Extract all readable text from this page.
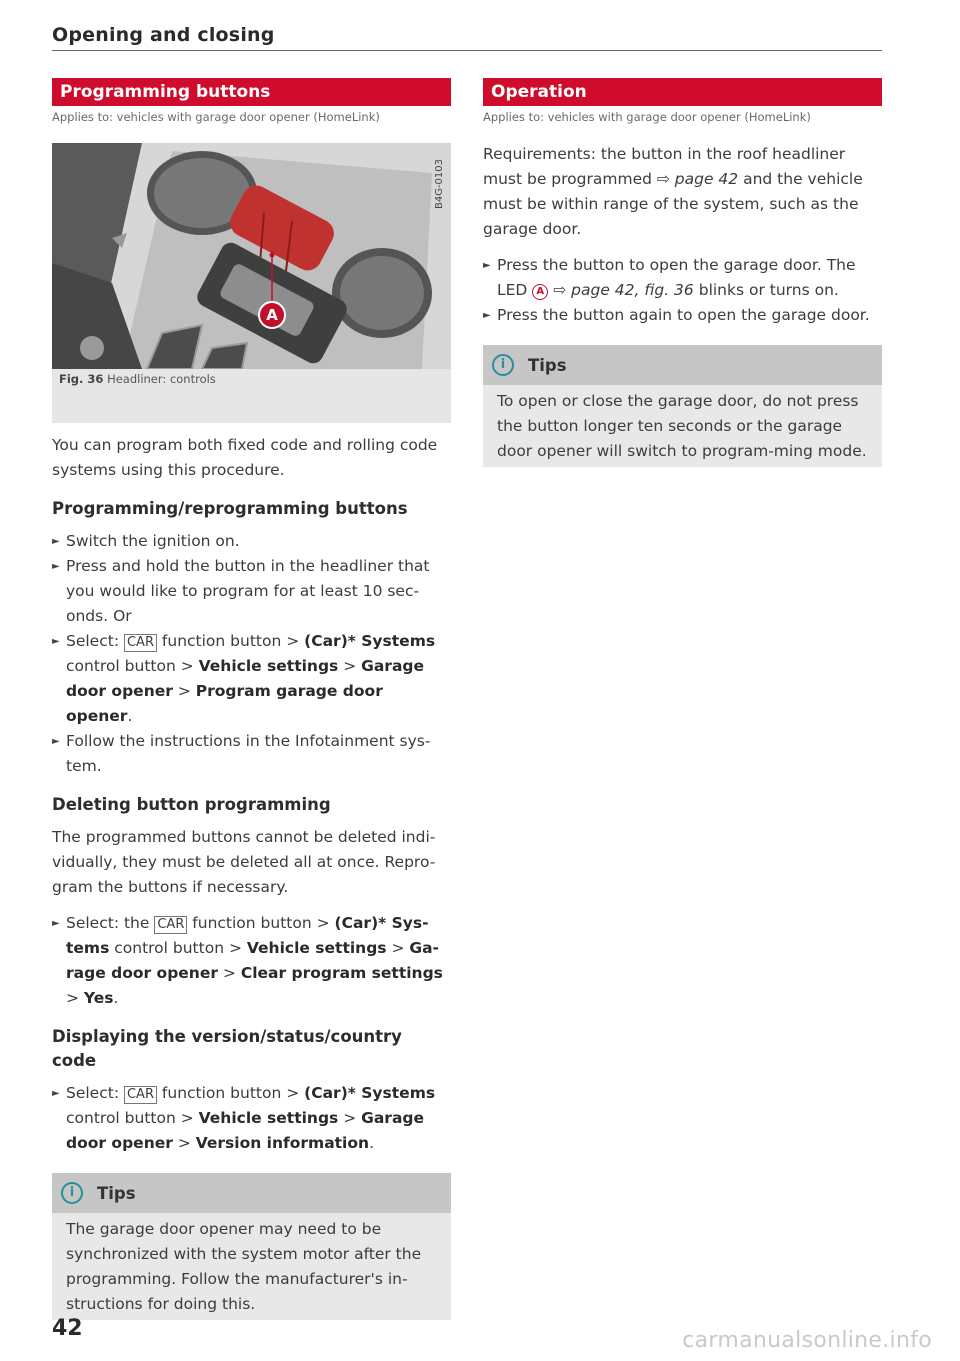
Opening and closing
Programming buttons
Applies to: vehicles with garage door opener (HomeLink)
A
B4G-0103
Fig. 36 Headliner: controls

You can program both fixed code and rolling code systems using this procedure.

Programming/reprogramming buttons
► Switch the ignition on.
► Press and hold the button in the headliner that you would like to program for at least 10 sec-onds. Or
► Select: CAR function button > (Car)* Systems control button > Vehicle settings > Garage door opener > Program garage door opener.
► Follow the instructions in the Infotainment sys-tem.
Deleting button programming

The programmed buttons cannot be deleted indi-vidually, they must be deleted all at once. Repro-gram the buttons if necessary.

► Select: the CAR function button > (Car)* Sys-tems control button > Vehicle settings > Ga-rage door opener > Clear program settings > Yes.
Displaying the version/status/country code
► Select: CAR function button > (Car)* Systems control button > Vehicle settings > Garage door opener > Version information.
i	Tips
The garage door opener may need to be synchronized with the system motor after the programming. Follow the manufacturer's in-structions for doing this.
Operation
Applies to: vehicles with garage door opener (HomeLink)

Requirements: the button in the roof headliner must be programmed ⇨ page 42 and the vehicle must be within range of the system, such as the garage door.

► Press the button to open the garage door. The LED A ⇨ page 42, fig. 36 blinks or turns on.
► Press the button again to open the garage door.
i	Tips
To open or close the garage door, do not press the button longer ten seconds or the garage door opener will switch to program-ming mode.
42	carmanualsonline.info
